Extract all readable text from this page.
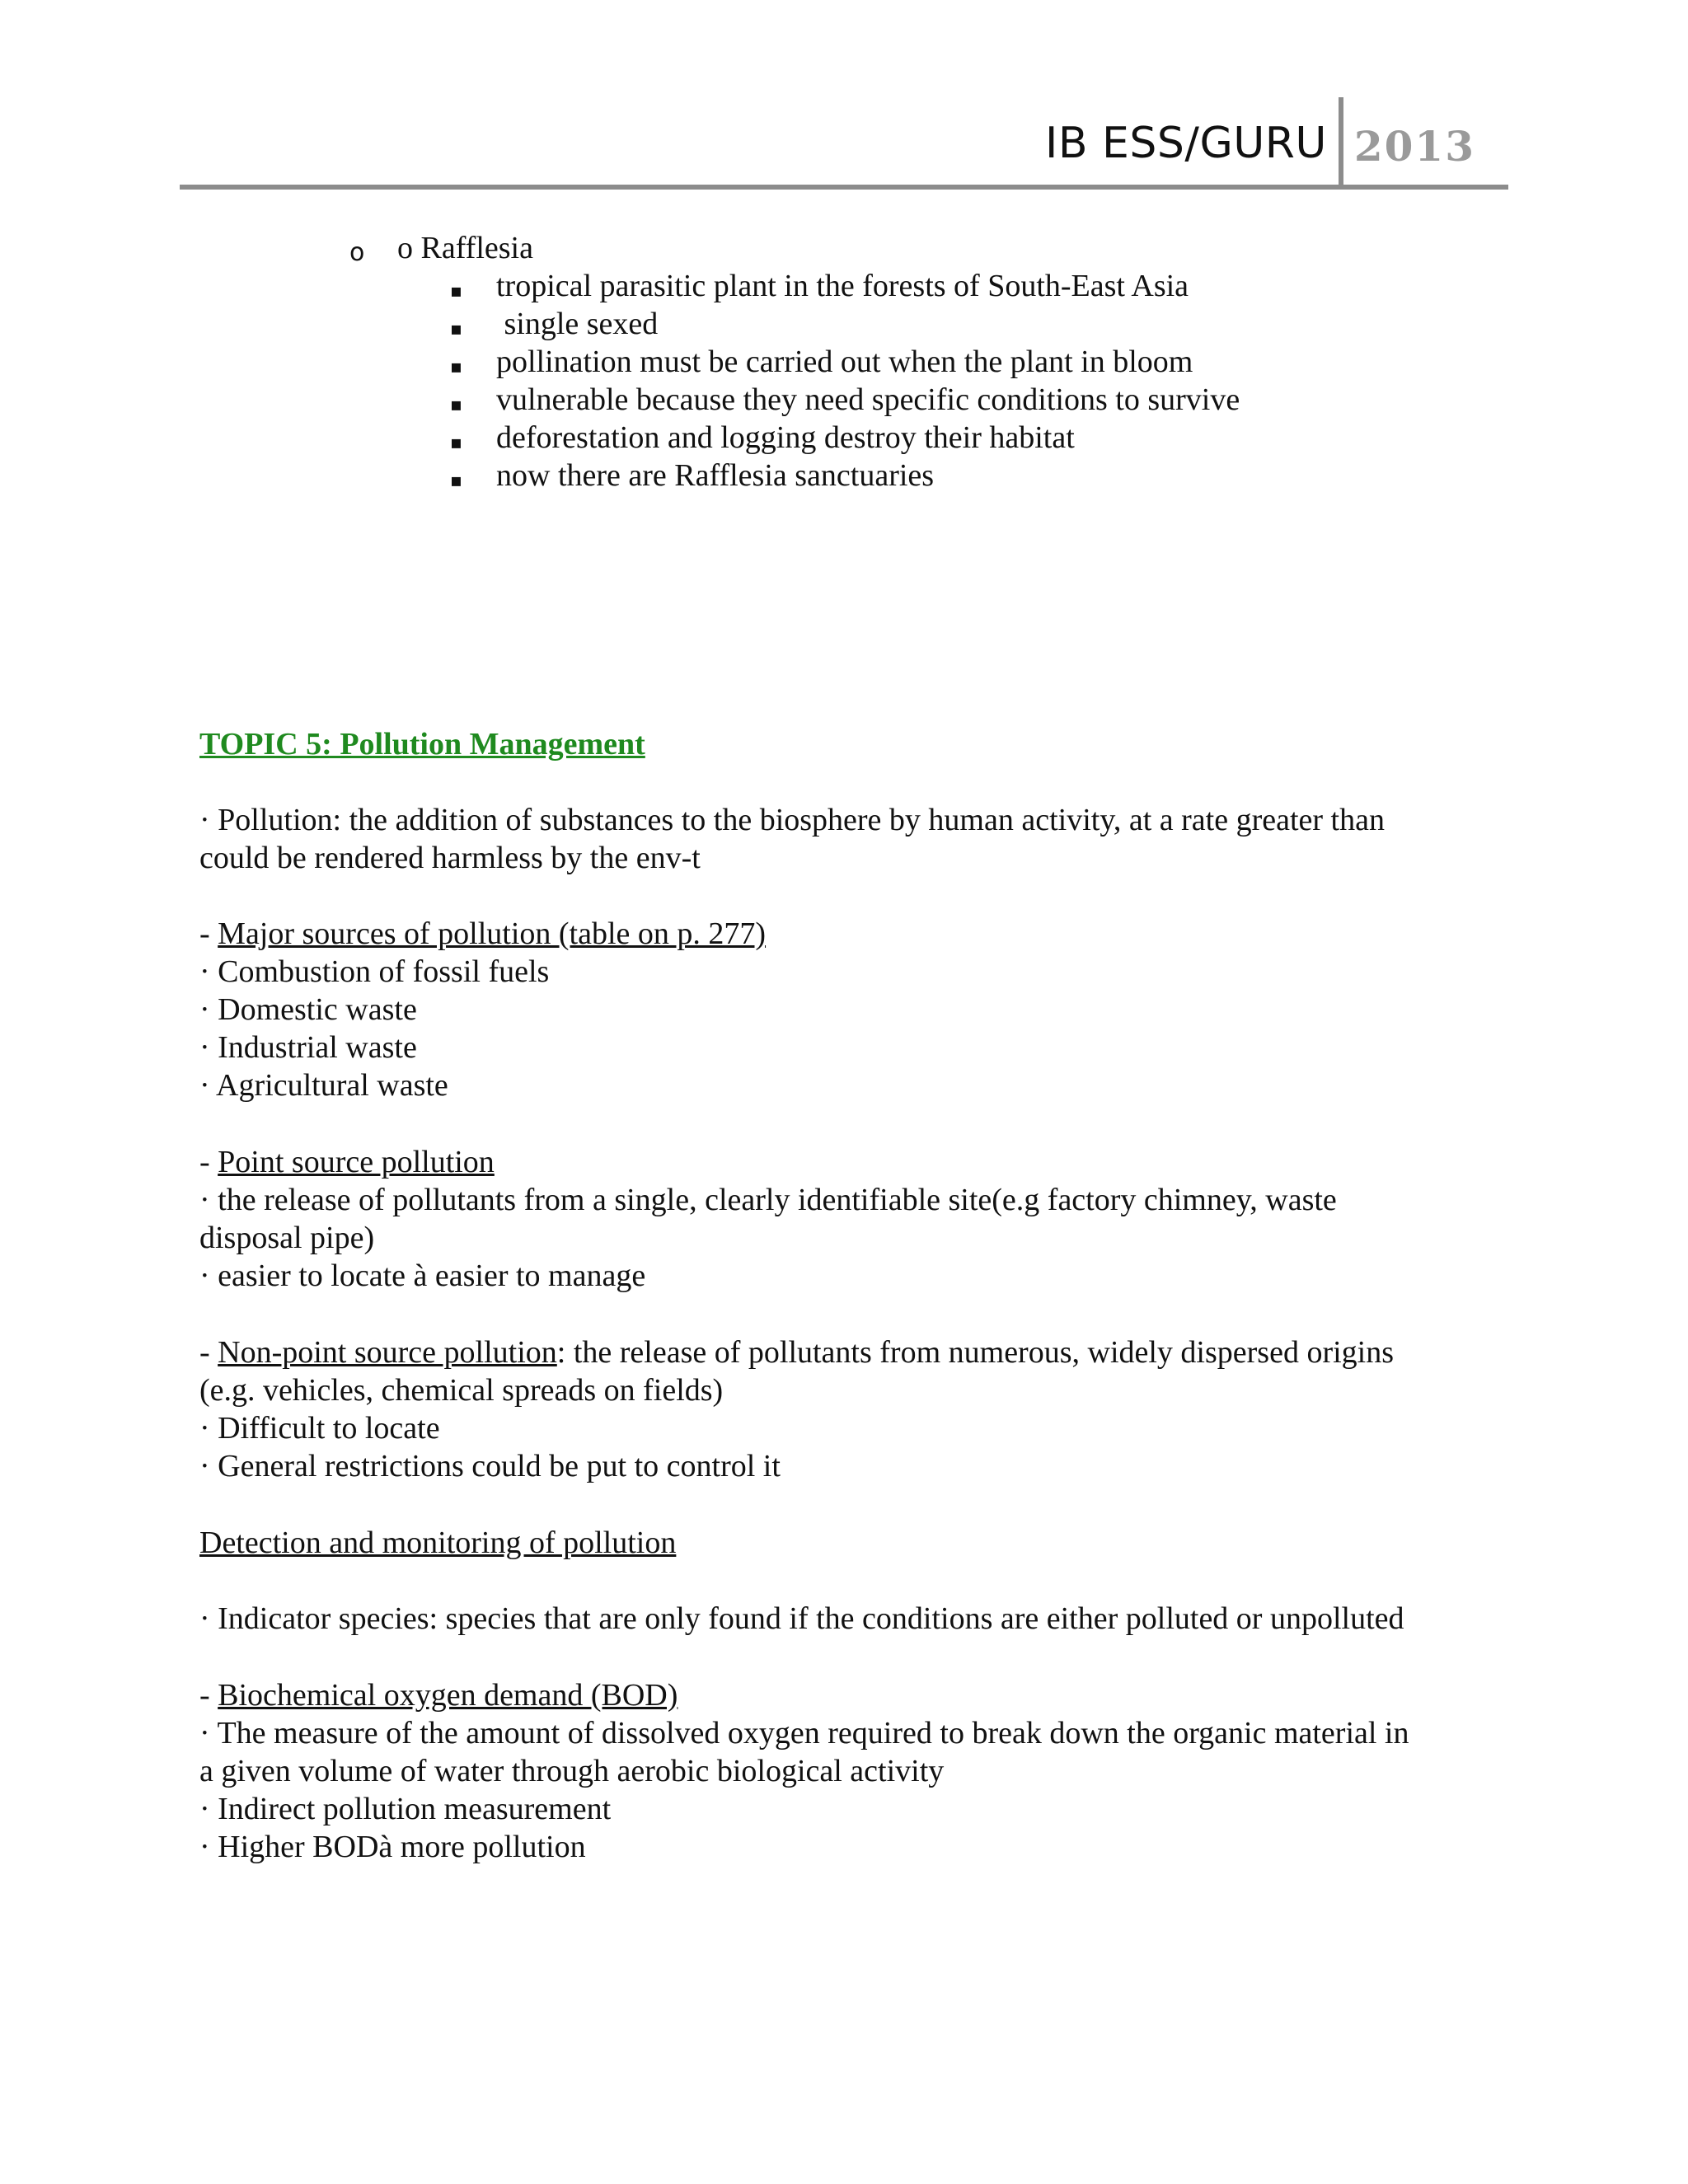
IB ESS/GURU 2013
o o Rafflesia
▪ tropical parasitic plant in the forests of South-East Asia
▪ single sexed
▪ pollination must be carried out when the plant in bloom
▪ vulnerable because they need specific conditions to survive
▪ deforestation and logging destroy their habitat
▪ now there are Rafflesia sanctuaries
TOPIC 5: Pollution Management
· Pollution: the addition of substances to the biosphere by human activity, at a rate greater than
could be rendered harmless by the env-t
- Major sources of pollution (table on p. 277)
· Combustion of fossil fuels
· Domestic waste
· Industrial waste
· Agricultural waste
- Point source pollution
· the release of pollutants from a single, clearly identifiable site(e.g factory chimney, waste
disposal pipe)
· easier to locate à easier to manage
- Non-point source pollution: the release of pollutants from numerous, widely dispersed origins
(e.g. vehicles, chemical spreads on fields)
· Difficult to locate
· General restrictions could be put to control it
Detection and monitoring of pollution
· Indicator species: species that are only found if the conditions are either polluted or unpolluted
- Biochemical oxygen demand (BOD)
· The measure of the amount of dissolved oxygen required to break down the organic material in
a given volume of water through aerobic biological activity
· Indirect pollution measurement
· Higher BODà more pollution
